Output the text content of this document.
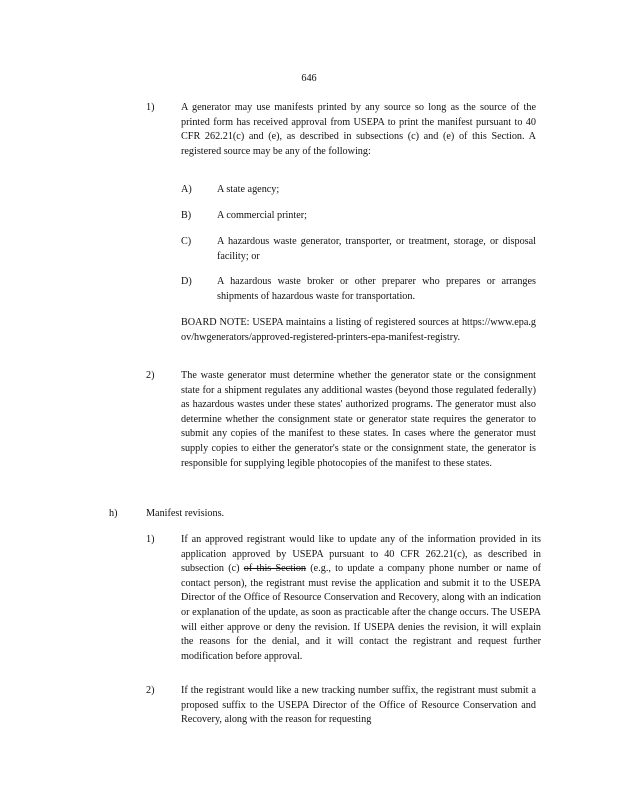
646
1)	A generator may use manifests printed by any source so long as the source of the printed form has received approval from USEPA to print the manifest pursuant to 40 CFR 262.21(c) and (e), as described in subsections (c) and (e) of this Section. A registered source may be any of the following:
A) A state agency;
B)	A commercial printer;
C)	A hazardous waste generator, transporter, or treatment, storage, or disposal facility; or
D) A hazardous waste broker or other preparer who prepares or arranges shipments of hazardous waste for transportation.
BOARD NOTE: USEPA maintains a listing of registered sources at https://www.epa.gov/hwgenerators/approved-registered-printers-epa-manifest-registry.
2)	The waste generator must determine whether the generator state or the consignment state for a shipment regulates any additional wastes (beyond those regulated federally) as hazardous wastes under these states' authorized programs. The generator must also determine whether the consignment state or generator state requires the generator to submit any copies of the manifest to these states. In cases where the generator must supply copies to either the generator's state or the consignment state, the generator is responsible for supplying legible photocopies of the manifest to these states.
h)	Manifest revisions.
1)	If an approved registrant would like to update any of the information provided in its application approved by USEPA pursuant to 40 CFR 262.21(c), as described in subsection (c) of this Section (e.g., to update a company phone number or name of contact person), the registrant must revise the application and submit it to the USEPA Director of the Office of Resource Conservation and Recovery, along with an indication or explanation of the update, as soon as practicable after the change occurs. The USEPA will either approve or deny the revision. If USEPA denies the revision, it will explain the reasons for the denial, and it will contact the registrant and request further modification before approval.
2)	If the registrant would like a new tracking number suffix, the registrant must submit a proposed suffix to the USEPA Director of the Office of Resource Conservation and Recovery, along with the reason for requesting
